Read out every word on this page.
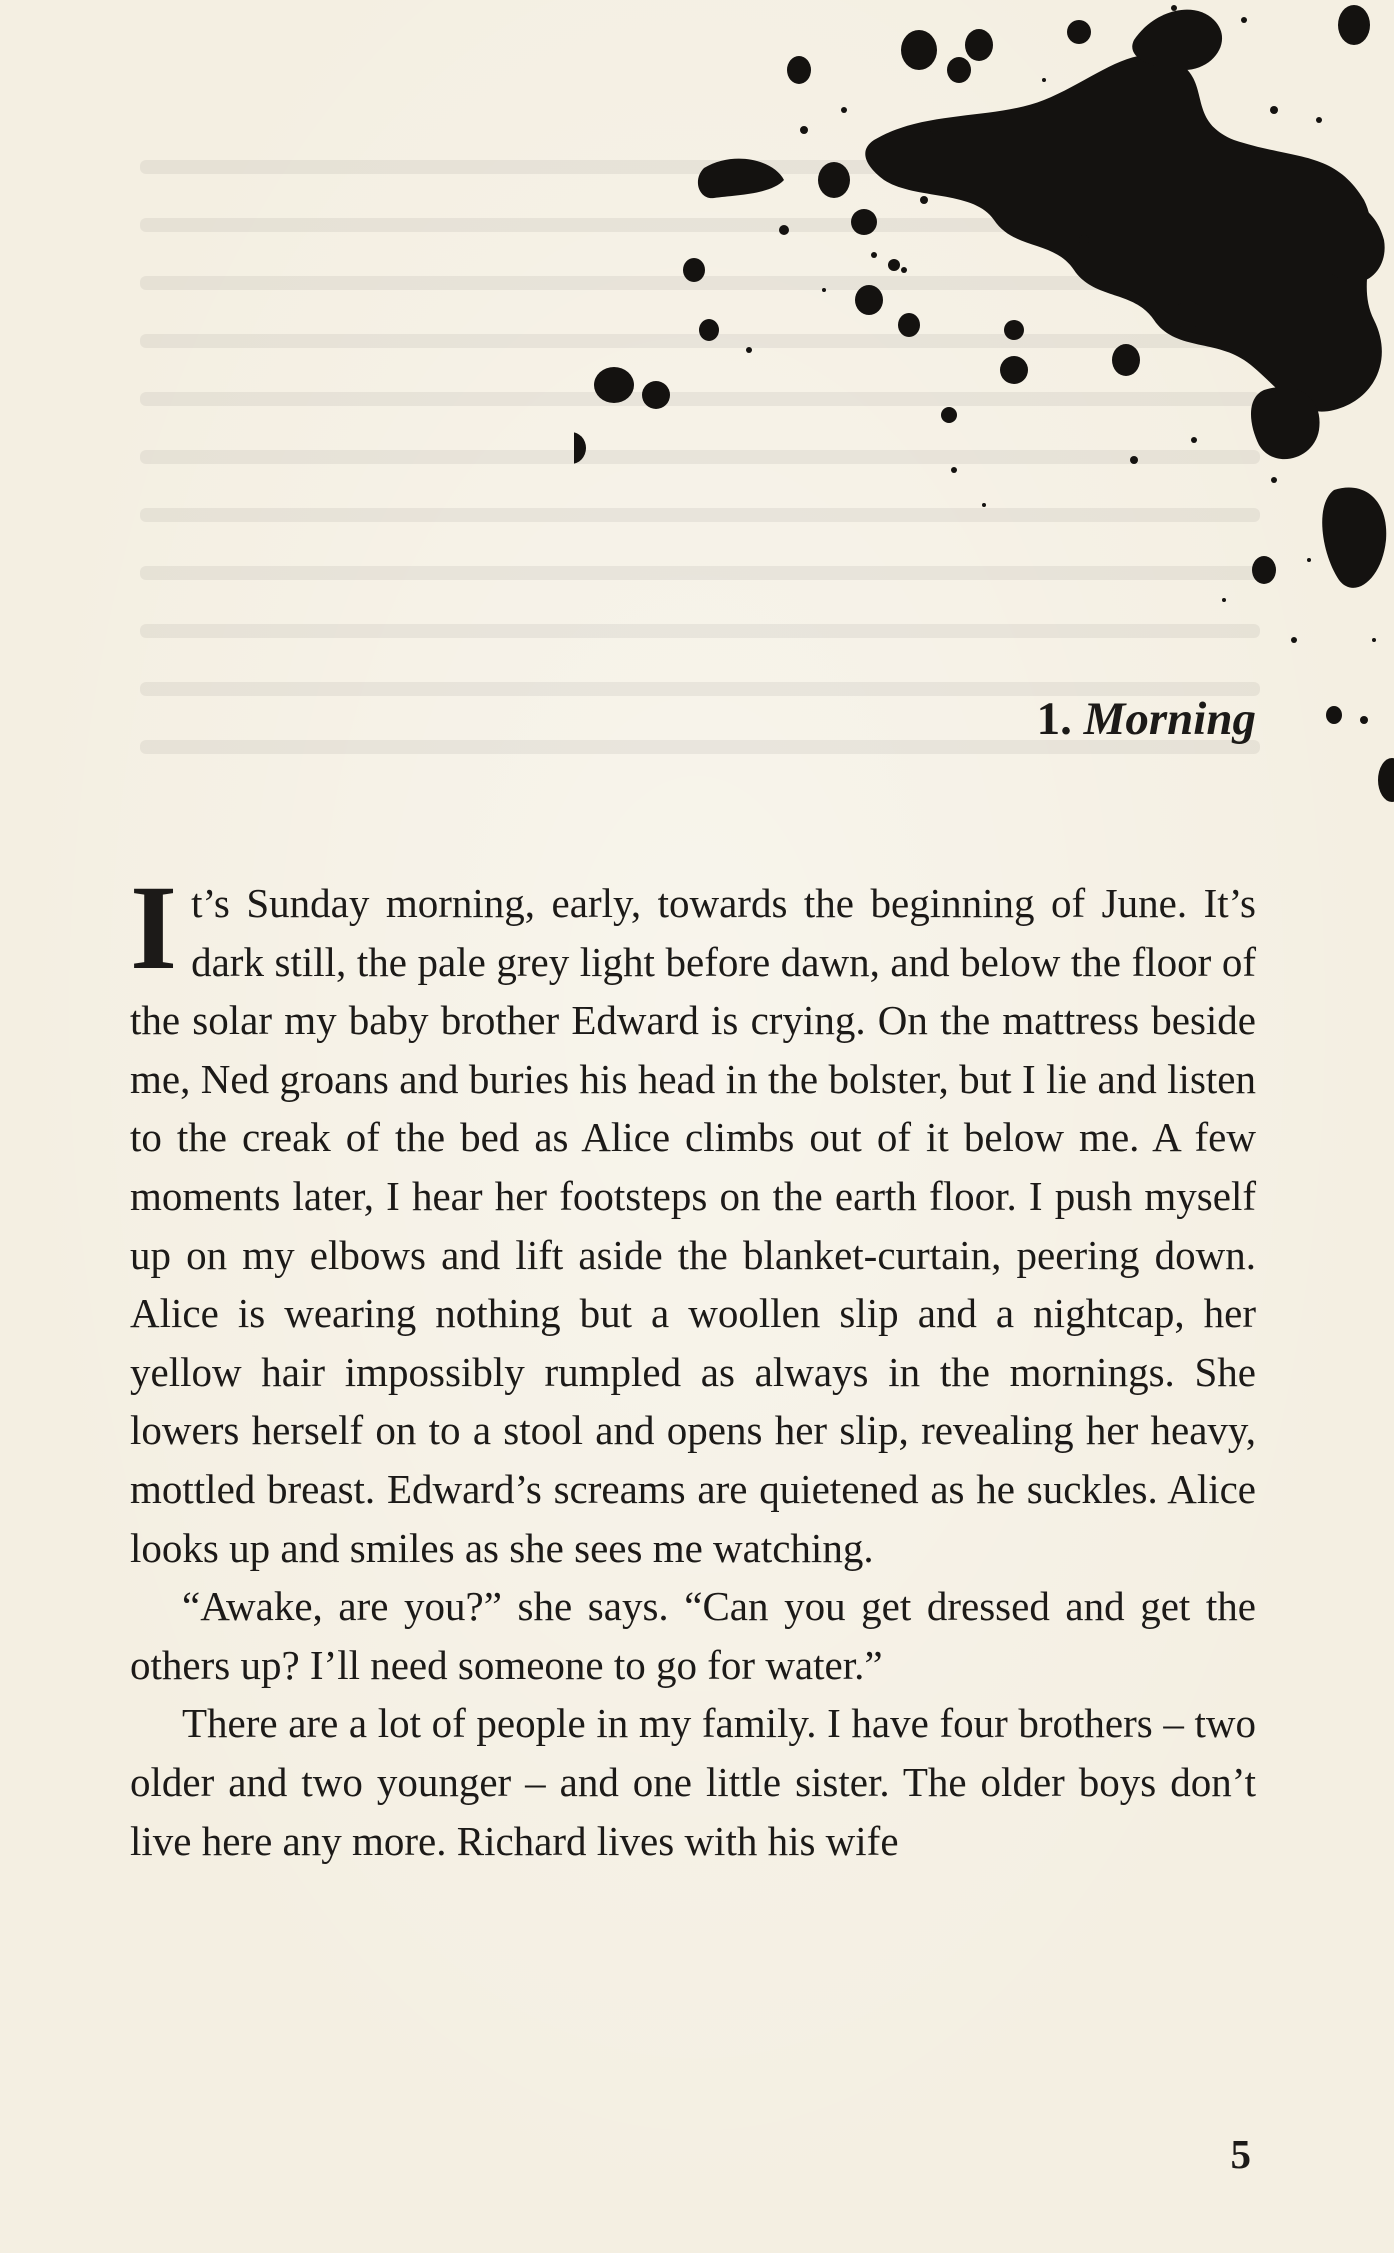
1. Morning

It’s Sunday morning, early, towards the beginning of June. It’s dark still, the pale grey light before dawn, and below the floor of the solar my baby brother Edward is crying. On the mattress beside me, Ned groans and buries his head in the bolster, but I lie and listen to the creak of the bed as Alice climbs out of it below me. A few moments later, I hear her footsteps on the earth floor. I push myself up on my elbows and lift aside the blanket-curtain, peering down. Alice is wearing nothing but a woollen slip and a nightcap, her yellow hair impossibly rumpled as always in the mornings. She lowers herself on to a stool and opens her slip, revealing her heavy, mottled breast. Edward’s screams are quietened as he suckles. Alice looks up and smiles as she sees me watching.

“Awake, are you?” she says. “Can you get dressed and get the others up? I’ll need someone to go for water.”

There are a lot of people in my family. I have four brothers – two older and two younger – and one little sister. The older boys don’t live here any more. Richard lives with his wife

5
